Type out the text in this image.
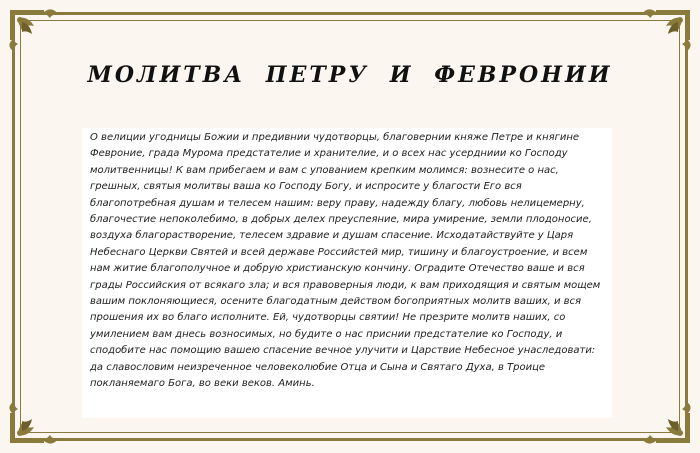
МОЛИТВА ПЕТРУ И ФЕВРОНИИ

О велиции угодницы Божии и предивнии чудотворцы, благовернии княже Петре и княгине Февроние, града Мурома предстателие и хранителие, и о всех нас усердниии ко Господу молитвенницы! К вам прибегаем и вам с упованием крепким молимся: вознесите о нас, грешных, святыя молитвы ваша ко Господу Богу, и испросите у благости Его вся благопотребная душам и телесем нашим: веру праву, надежду благу, любовь нелицемерну, благочестие непоколебимо, в добрых делех преуспеяние, мира умирение, земли плодоносие, воздуха благорастворение, телесем здравие и душам спасение. Исходатайствуйте у Царя Небеснаго Церкви Святей и всей державе Российстей мир, тишину и благоустроение, и всем нам житие благополучное и добрую христианскую кончину. Оградите Отечество ваше и вся грады Российския от всякаго зла; и вся правоверныя люди, к вам приходящия и святым мощем вашим поклоняющиеся, осените благодатным действом богоприятных молитв ваших, и вся прошения их во благо исполните. Ей, чудотворцы святии! Не презрите молитв наших, со умилением вам днесь возносимых, но будите о нас приснии предстателие ко Господу, и сподобите нас помощию вашею спасение вечное улучити и Царствие Небесное унаследовати: да славословим неизреченное человеколюбие Отца и Сына и Святаго Духа, в Троице покланяемаго Бога, во веки веков. Аминь.
